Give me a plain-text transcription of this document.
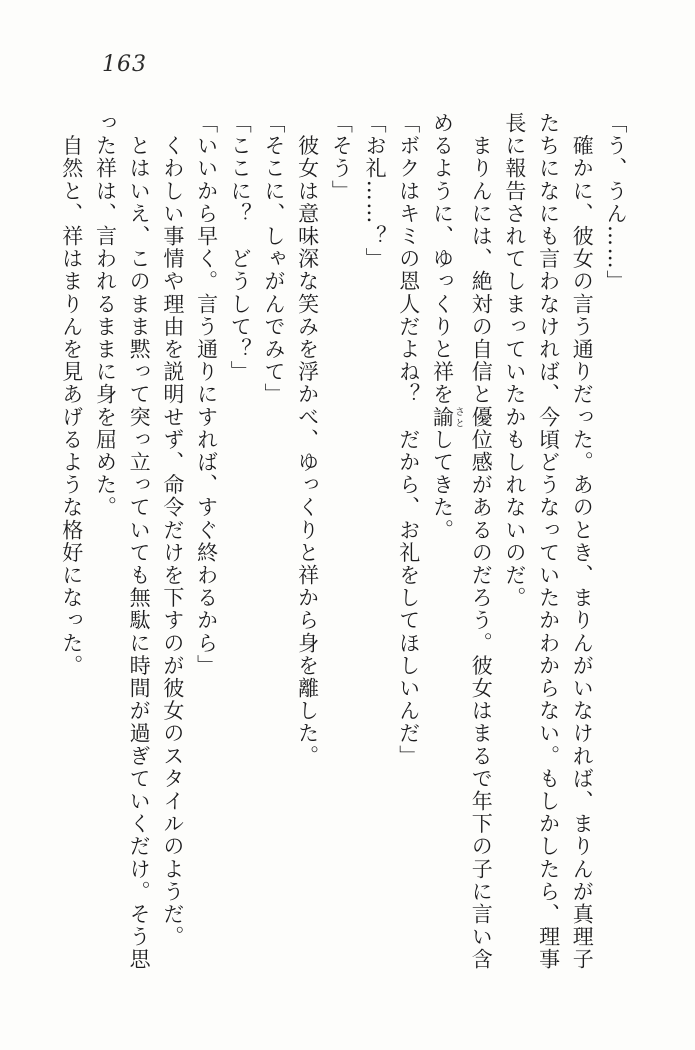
163
「う、うん……」
　確かに、彼女の言う通りだった。あのとき、まりんがいなければ、まりんが真理子
たちになにも言わなければ、今頃どうなっていたかわからない。もしかしたら、理事
長に報告されてしまっていたかもしれないのだ。
　まりんには、絶対の自信と優位感があるのだろう。彼女はまるで年下の子に言い含
めるように、ゆっくりと祥を諭さとしてきた。
「ボクはキミの恩人だよね？　だから、お礼をしてほしいんだ」
「お礼……？」
「そう」
　彼女は意味深な笑みを浮かべ、ゆっくりと祥から身を離した。
「そこに、しゃがんでみて」
「ここに？　どうして？」
「いいから早く。言う通りにすれば、すぐ終わるから」
　くわしい事情や理由を説明せず、命令だけを下すのが彼女のスタイルのようだ。
　とはいえ、このまま黙って突っ立っていても無駄に時間が過ぎていくだけ。そう思
った祥は、言われるままに身を屈めた。
　自然と、祥はまりんを見あげるような格好になった。
